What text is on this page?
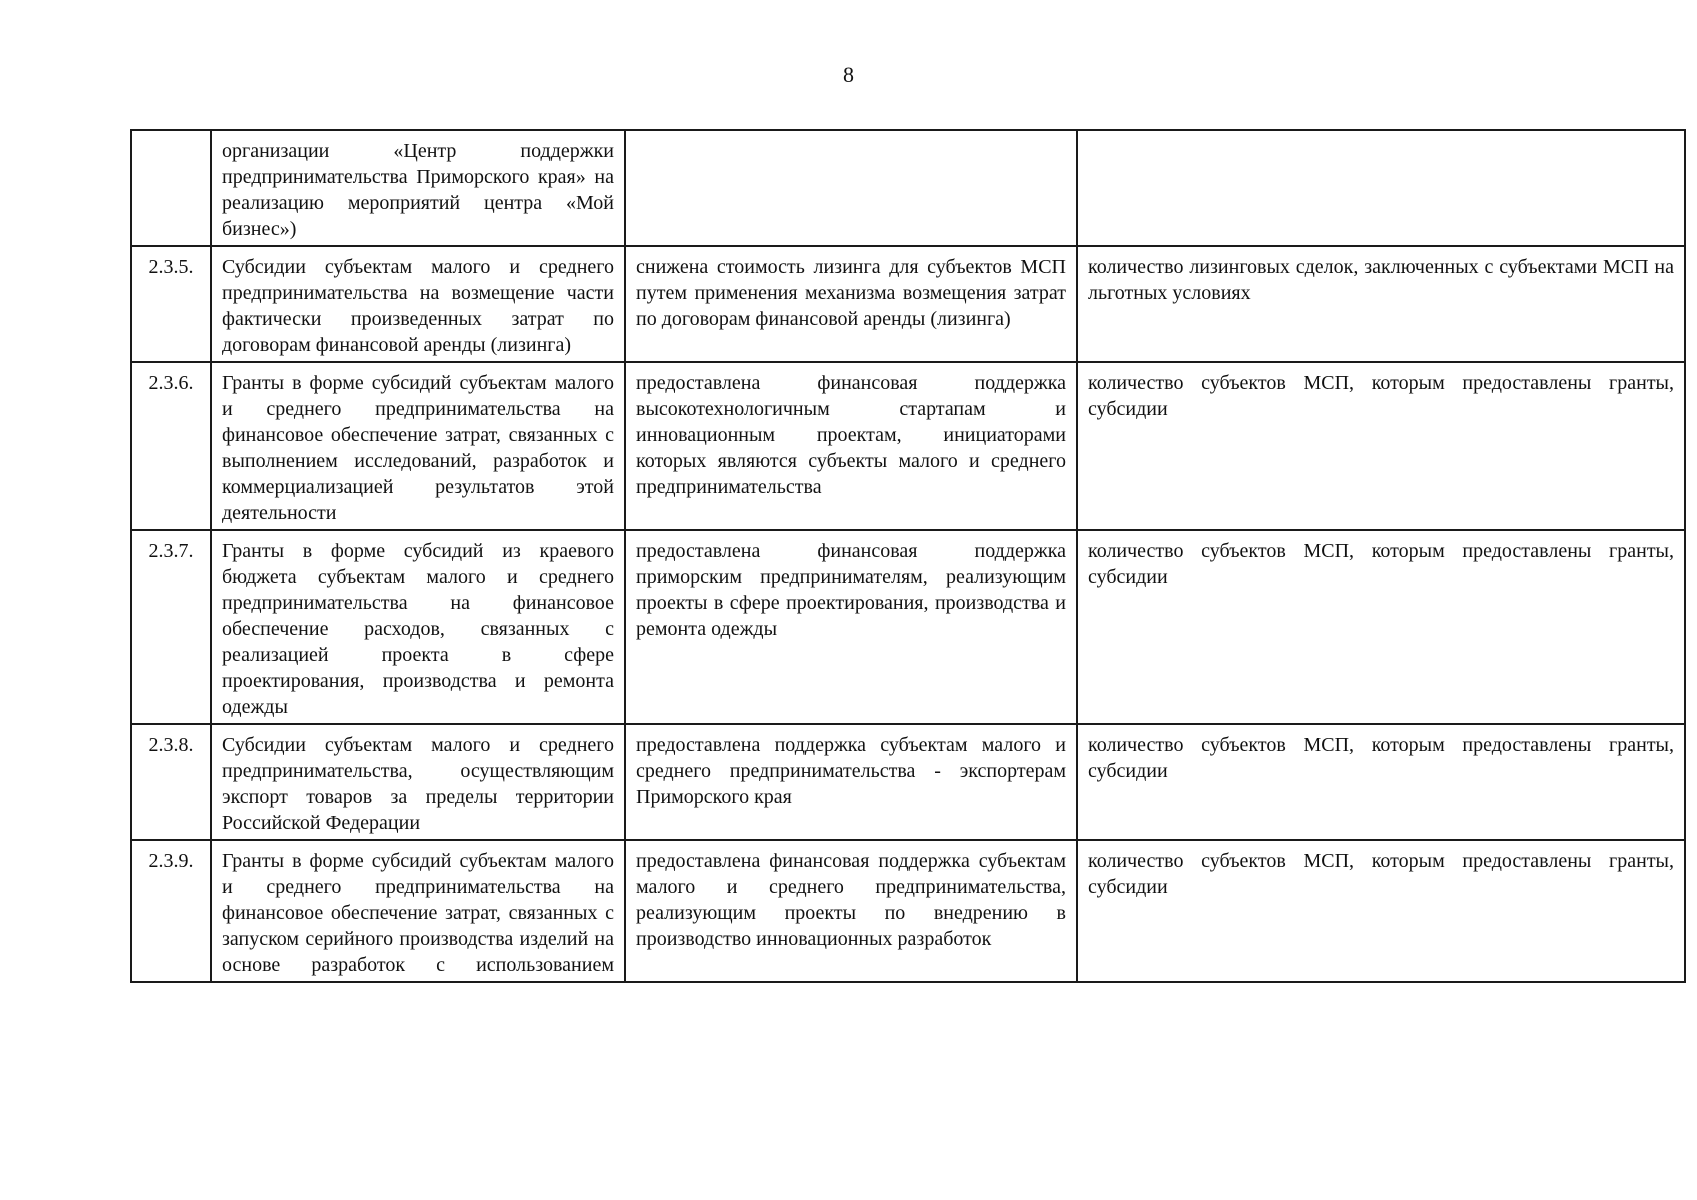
8
	организации «Центр поддержки предпринимательства Приморского края» на реализацию мероприятий центра «Мой бизнес»)		
2.3.5.	Субсидии субъектам малого и среднего предпринимательства на возмещение части фактически произведенных затрат по договорам финансовой аренды (лизинга)	снижена стоимость лизинга для субъектов МСП путем применения механизма возмещения затрат по договорам финансовой аренды (лизинга)	количество лизинговых сделок, заключенных с субъектами МСП на льготных условиях
2.3.6.	Гранты в форме субсидий субъектам малого и среднего предпринимательства на финансовое обеспечение затрат, связанных с выполнением исследований, разработок и коммерциализацией результатов этой деятельности	предоставлена финансовая поддержка высокотехнологичным стартапам и инновационным проектам, инициаторами которых являются субъекты малого и среднего предпринимательства	количество субъектов МСП, которым предоставлены гранты, субсидии
2.3.7.	Гранты в форме субсидий из краевого бюджета субъектам малого и среднего предпринимательства на финансовое обеспечение расходов, связанных с реализацией проекта в сфере проектирования, производства и ремонта одежды	предоставлена финансовая поддержка приморским предпринимателям, реализующим проекты в сфере проектирования, производства и ремонта одежды	количество субъектов МСП, которым предоставлены гранты, субсидии
2.3.8.	Субсидии субъектам малого и среднего предпринимательства, осуществляющим экспорт товаров за пределы территории Российской Федерации	предоставлена поддержка субъектам малого и среднего предпринимательства - экспортерам Приморского края	количество субъектов МСП, которым предоставлены гранты, субсидии
2.3.9.	Гранты в форме субсидий субъектам малого и среднего предпринимательства на финансовое обеспечение затрат, связанных с запуском серийного производства изделий на основе разработок с использованием	предоставлена финансовая поддержка субъектам малого и среднего предпринимательства, реализующим проекты по внедрению в производство инновационных разработок	количество субъектов МСП, которым предоставлены гранты, субсидии
